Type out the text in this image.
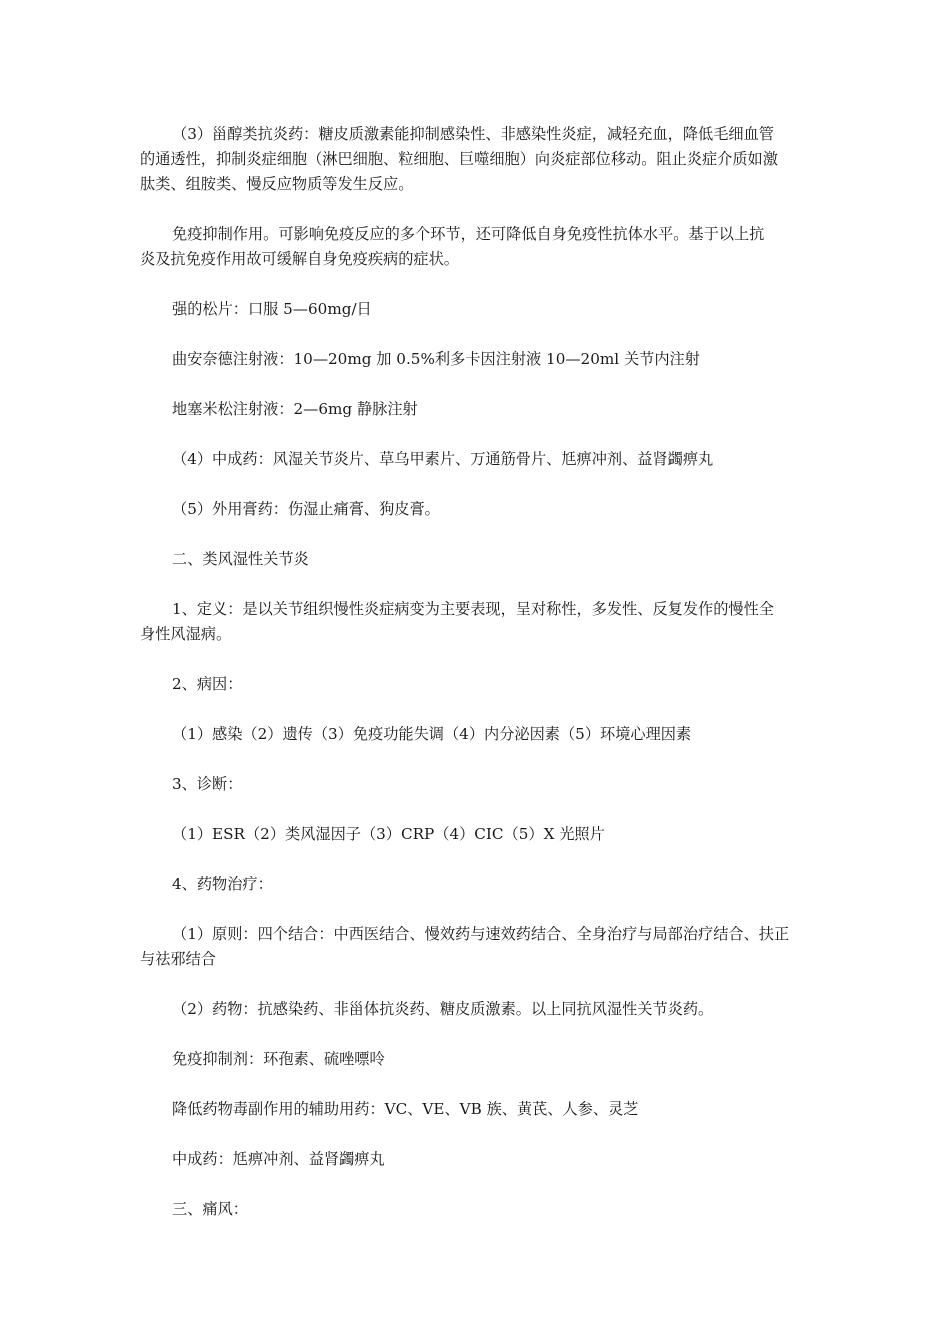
（3）甾醇类抗炎药：糖皮质激素能抑制感染性、非感染性炎症，减轻充血，降低毛细血管
的通透性，抑制炎症细胞（淋巴细胞、粒细胞、巨噬细胞）向炎症部位移动。阻止炎症介质如激
肽类、组胺类、慢反应物质等发生反应。
免疫抑制作用。可影响免疫反应的多个环节，还可降低自身免疫性抗体水平。基于以上抗
炎及抗免疫作用故可缓解自身免疫疾病的症状。
强的松片：口服 5—60mg/日
曲安奈德注射液：10—20mg 加 0.5%利多卡因注射液 10—20ml 关节内注射
地塞米松注射液：2—6mg 静脉注射
（4）中成药：风湿关节炎片、草乌甲素片、万通筋骨片、尪痹冲剂、益肾蠲痹丸
（5）外用膏药：伤湿止痛膏、狗皮膏。
二、类风湿性关节炎
1、定义：是以关节组织慢性炎症病变为主要表现，呈对称性，多发性、反复发作的慢性全
身性风湿病。
2、病因：
（1）感染（2）遗传（3）免疫功能失调（4）内分泌因素（5）环境心理因素
3、诊断：
（1）ESR（2）类风湿因子（3）CRP（4）CIC（5）X 光照片
4、药物治疗：
（1）原则：四个结合：中西医结合、慢效药与速效药结合、全身治疗与局部治疗结合、扶正
与祛邪结合
（2）药物：抗感染药、非甾体抗炎药、糖皮质激素。以上同抗风湿性关节炎药。
免疫抑制剂：环孢素、硫唑嘌呤
降低药物毒副作用的辅助用药：VC、VE、VB 族、黄芪、人参、灵芝
中成药：尪痹冲剂、益肾蠲痹丸
三、痛风：
